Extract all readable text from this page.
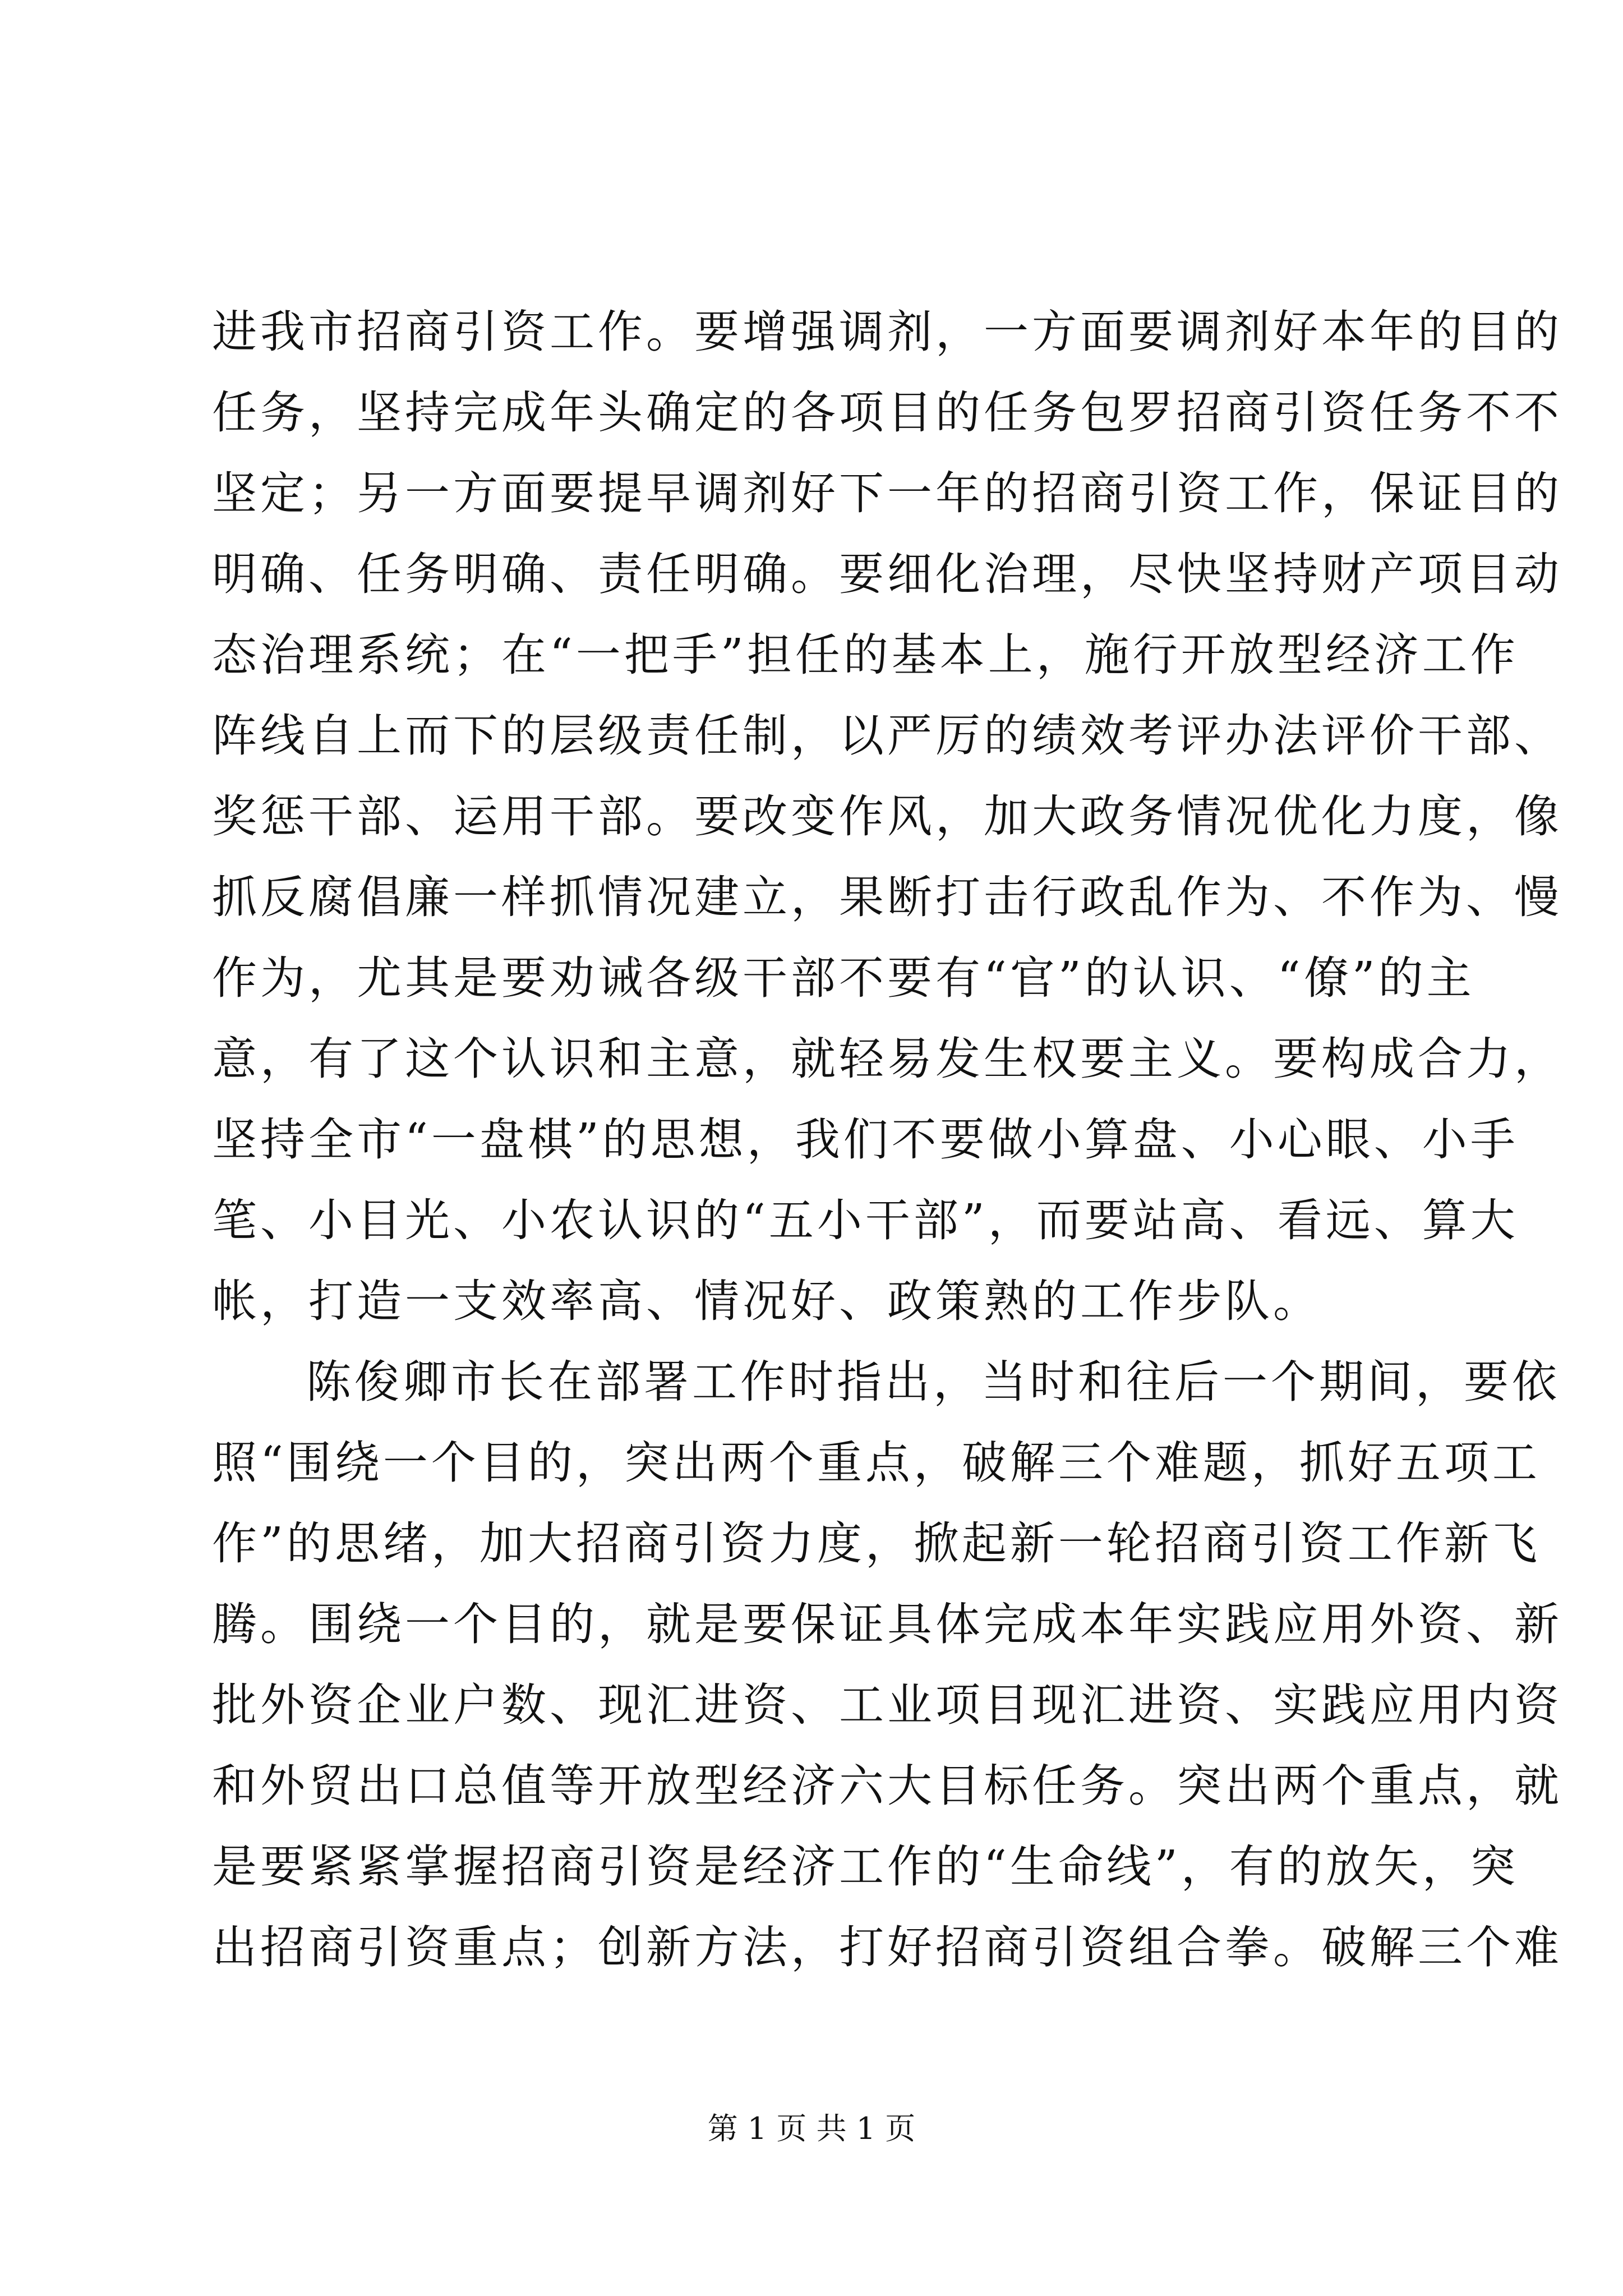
进我市招商引资工作。要增强调剂，一方面要调剂好本年的目的
任务，坚持完成年头确定的各项目的任务包罗招商引资任务不不
坚定；另一方面要提早调剂好下一年的招商引资工作，保证目的
明确、任务明确、责任明确。要细化治理，尽快坚持财产项目动
态治理系统；在“一把手”担任的基本上，施行开放型经济工作
阵线自上而下的层级责任制，以严厉的绩效考评办法评价干部、
奖惩干部、运用干部。要改变作风，加大政务情况优化力度，像
抓反腐倡廉一样抓情况建立，果断打击行政乱作为、不作为、慢
作为，尤其是要劝诫各级干部不要有“官”的认识、“僚”的主
意，有了这个认识和主意，就轻易发生权要主义。要构成合力，
坚持全市“一盘棋”的思想，我们不要做小算盘、小心眼、小手
笔、小目光、小农认识的“五小干部”，而要站高、看远、算大
帐，打造一支效率高、情况好、政策熟的工作步队。
陈俊卿市长在部署工作时指出，当时和往后一个期间，要依
照“围绕一个目的，突出两个重点，破解三个难题，抓好五项工
作”的思绪，加大招商引资力度，掀起新一轮招商引资工作新飞
腾。围绕一个目的，就是要保证具体完成本年实践应用外资、新
批外资企业户数、现汇进资、工业项目现汇进资、实践应用内资
和外贸出口总值等开放型经济六大目标任务。突出两个重点，就
是要紧紧掌握招商引资是经济工作的“生命线”，有的放矢，突
出招商引资重点；创新方法，打好招商引资组合拳。破解三个难
第 1 页 共 1 页
